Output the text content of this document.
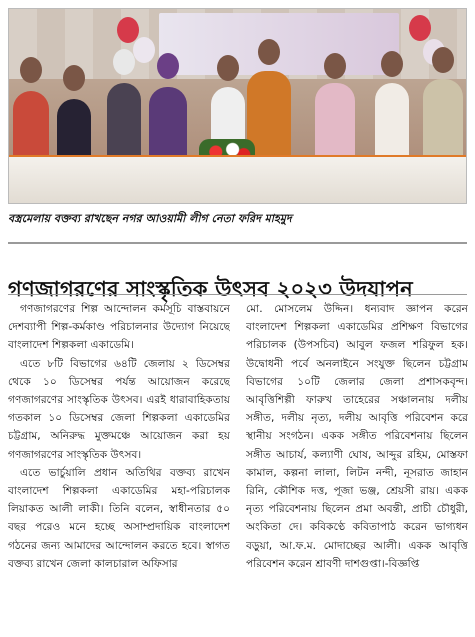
বস্ত্রমেলায় বক্তব্য রাখছেন নগর আওয়ামী লীগ নেতা ফরিদ মাহমুদ
গণজাগরণের সাংস্কৃতিক উৎসব ২০২৩ উদযাপন

গণজাগরণের শিল্প আন্দোলন কর্মসূচি বাস্তবায়নে দেশব্যাপী শিল্প-কর্মকাণ্ড পরিচালনার উদ্যোগ নিয়েছে বাংলাদেশ শিল্পকলা একাডেমি।

এতে ৮টি বিভাগের ৬৪টি জেলায় ২ ডিসেম্বর থেকে ১০ ডিসেম্বর পর্যন্ত আয়োজন করেছে গণজাগরণের সাংস্কৃতিক উৎসব। এরই ধারাবাহিকতায় গতকাল ১০ ডিসেম্বর জেলা শিল্পকলা একাডেমির চট্টগ্রাম, অনিরুদ্ধ মুক্তমঞ্চে আয়োজন করা হয় গণজাগরণের সাংস্কৃতিক উৎসব।

এতে ভার্চুয়ালি প্রধান অতিথির বক্তব্য রাখেন বাংলাদেশ শিল্পকলা একাডেমির মহা-পরিচালক লিয়াকত আলী লাকী। তিনি বলেন, স্বাধীনতার ৫০ বছর পরেও মনে হচ্ছে অসাম্প্রদায়িক বাংলাদেশ গঠনের জন্য আমাদের আন্দোলন করতে হবে। স্বাগত বক্তব্য রাখেন জেলা কালচারাল অফিসার

মো. মোসলেম উদ্দিন। ধন্যবাদ জ্ঞাপন করেন বাংলাদেশ শিল্পকলা একাডেমির প্রশিক্ষণ বিভাগের পরিচালক (উপসচিব) আবুল ফজল শরিফুল হক। উদ্বোধনী পর্বে অনলাইনে সংযুক্ত ছিলেন চট্টগ্রাম বিভাগের ১০টি জেলার জেলা প্রশাসকবৃন্দ। আবৃত্তিশিল্পী ফারুখ তাহেরের সঞ্চালনায় দলীয় সঙ্গীত, দলীয় নৃত্য, দলীয় আবৃত্তি পরিবেশন করে স্থানীয় সংগঠন। একক সঙ্গীত পরিবেশনায় ছিলেন সঙ্গীত আচার্য, কল্যাণী ঘোষ, আব্দুর রহিম, মোস্তফা কামাল, কল্পনা লালা, লিটন নন্দী, নূসরাত জাহান রিনি, কৌশিক দত্ত, পূজা ভঞ্জ, শ্রেয়সী রায়। একক নৃত্য পরিবেশনায় ছিলেন প্রমা অবন্তী, প্রাচী চৌধুরী, অংকিতা দে। কবিকণ্ঠে কবিতাপাঠ করেন ভাগ্যধন বড়ুয়া, আ.ফ.ম. মোদাচ্ছের আলী। একক আবৃত্তি পরিবেশন করেন শ্রাবণী দাশগুপ্তা।-বিজ্ঞপ্তি
